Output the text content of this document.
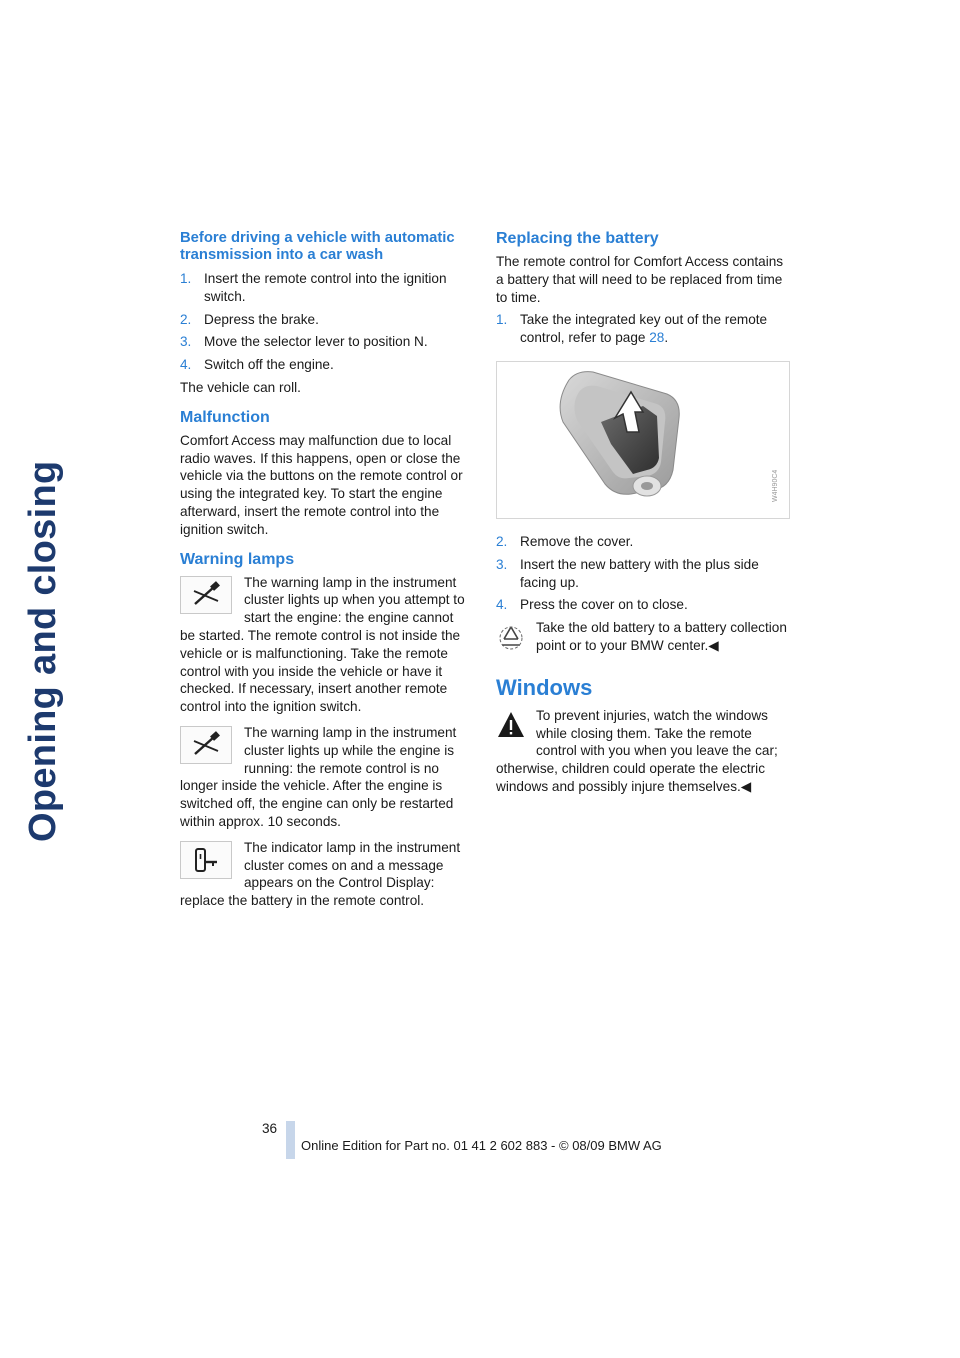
Opening and closing
Before driving a vehicle with automatic transmission into a car wash
1. Insert the remote control into the ignition switch.
2. Depress the brake.
3. Move the selector lever to position N.
4. Switch off the engine.

The vehicle can roll.

Malfunction

Comfort Access may malfunction due to local radio waves. If this happens, open or close the vehicle via the buttons on the remote control or using the integrated key. To start the engine afterward, insert the remote control into the ignition switch.

Warning lamps
The warning lamp in the instrument cluster lights up when you attempt to start the engine: the engine cannot be started. The remote control is not inside the vehicle or is malfunctioning. Take the remote control with you inside the vehicle or have it checked. If necessary, insert another remote control into the ignition switch.
The warning lamp in the instrument cluster lights up while the engine is running: the remote control is no longer inside the vehicle. After the engine is switched off, the engine can only be restarted within approx. 10 seconds.
The indicator lamp in the instrument cluster comes on and a message appears on the Control Display: replace the battery in the remote control.
Replacing the battery

The remote control for Comfort Access contains a battery that will need to be replaced from time to time.

1. Take the integrated key out of the remote control, refer to page 28.
W4H90C4
2. Remove the cover.
3. Insert the new battery with the plus side facing up.
4. Press the cover on to close.
Take the old battery to a battery collection point or to your BMW center.◀
Windows
To prevent injuries, watch the windows while closing them. Take the remote control with you when you leave the car; otherwise, children could operate the electric windows and possibly injure themselves.◀
36
Online Edition for Part no. 01 41 2 602 883 - © 08/09 BMW AG
